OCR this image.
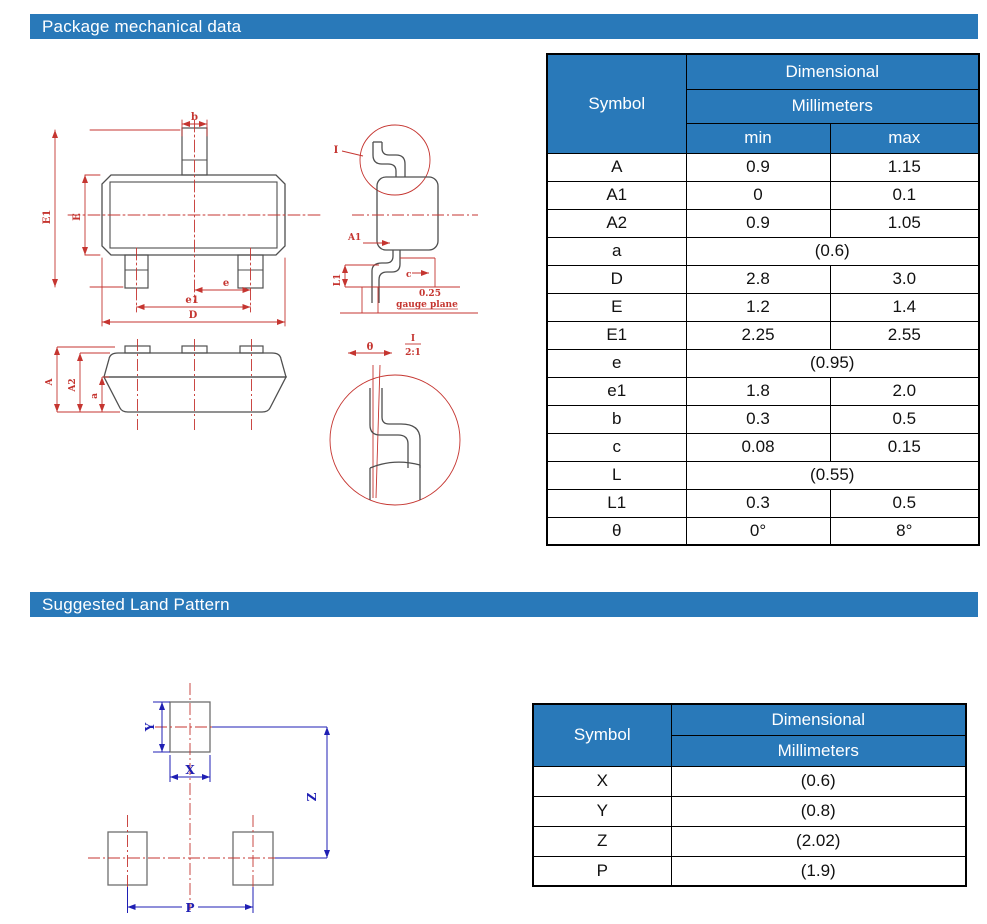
Package mechanical data
b
E1 E
e
e1
D
I
A1
L1	c
0.25
gauge plane
θ
I
2:1
A A2
a
Symbol	Dimensional	
	Millimeters	
	min	max
A	0.9	1.15
A1	0	0.1
A2	0.9	1.05
a	(0.6)	
D	2.8	3.0
E	1.2	1.4
E1	2.25	2.55
e	(0.95)	
e1	1.8	2.0
b	0.3	0.5
c	0.08	0.15
L	(0.55)	
L1	0.3	0.5
θ	0°	8°
Suggested Land Pattern
Y
X
Z
P
Symbol	Dimensional
	Millimeters
X	(0.6)
Y	(0.8)
Z	(2.02)
P	(1.9)
